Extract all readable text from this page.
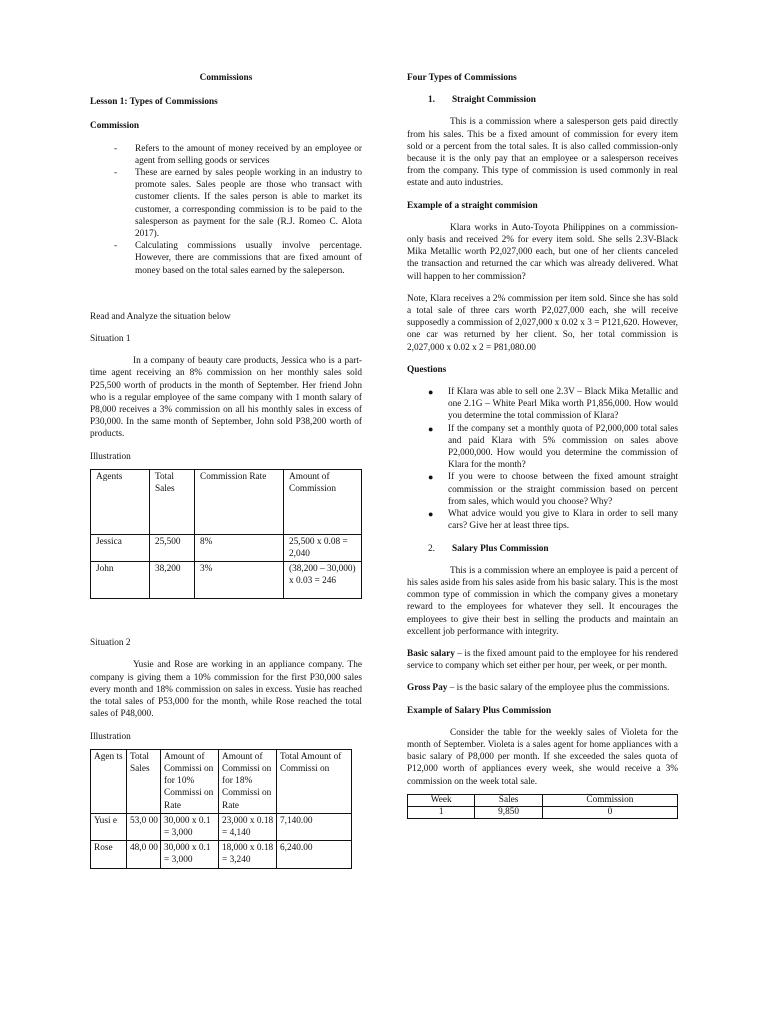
Commissions

Lesson 1: Types of Commissions

Commission

- Refers to the amount of money received by an employee or agent from selling goods or services
- These are earned by sales people working in an industry to promote sales. Sales people are those who transact with customer clients. If the sales person is able to market its customer, a corresponding commission is to be paid to the salesperson as payment for the sale (R.J. Romeo C. Alota 2017).
- Calculating commissions usually involve percentage. However, there are commissions that are fixed amount of money based on the total sales earned by the saleperson.

Read and Analyze the situation below

Situation 1

In a company of beauty care products, Jessica who is a part-time agent receiving an 8% commission on her monthly sales sold P25,500 worth of products in the month of September. Her friend John who is a regular employee of the same company with 1 month salary of P8,000 receives a 3% commission on all his monthly sales in excess of P30,000. In the same month of September, John sold P38,200 worth of products.

Illustration

Agents	Total Sales	Commission Rate	Amount of Commission
Jessica	25,500	8%	25,500 x 0.08 = 2,040
John	38,200	3%	(38,200 – 30,000) x 0.03 = 246

Situation 2

Yusie and Rose are working in an appliance company. The company is giving them a 10% commission for the first P30,000 sales every month and 18% commission on sales in excess. Yusie has reached the total sales of P53,000 for the month, while Rose reached the total sales of P48,000.

Illustration

Agen ts	Total Sales	Amount of Commissi on for 10% Commissi on Rate	Amount of Commissi on for 18% Commissi on Rate	Total Amount of Commissi on
Yusi e	53,0 00	30,000 x 0.1 = 3,000	23,000 x 0.18 = 4,140	7,140.00
Rose	48,0 00	30,000 x 0.1 = 3,000	18,000 x 0.18 = 3,240	6,240.00

Four Types of Commissions

1.	Straight Commission

This is a commission where a salesperson gets paid directly from his sales. This be a fixed amount of commission for every item sold or a percent from the total sales. It is also called commission-only because it is the only pay that an employee or a salesperson receives from the company. This type of commission is used commonly in real estate and auto industries.

Example of a straight commision

Klara works in Auto-Toyota Philippines on a commission-only basis and received 2% for every item sold. She sells 2.3V-Black Mika Metallic worth P2,027,000 each, but one of her clients canceled the transaction and returned the car which was already delivered. What will happen to her commission?

Note, Klara receives a 2% commission per item sold. Since she has sold a total sale of three cars worth P2,027,000 each, she will receive supposedly a commission of 2,027,000 x 0.02 x 3 = P121,620. However, one car was returned by her client. So, her total commission is 2,027,000 x 0.02 x 2 = P81,080.00

Questions

● If Klara was able to sell one 2.3V – Black Mika Metallic and one 2.1G – White Pearl Mika worth P1,856,000. How would you determine the total commission of Klara?
● If the company set a monthly quota of P2,000,000 total sales and paid Klara with 5% commission on sales above P2,000,000. How would you determine the commission of Klara for the month?
● If you were to choose between the fixed amount straight commission or the straight commission based on percent from sales, which would you choose? Why?
● What advice would you give to Klara in order to sell many cars? Give her at least three tips.
2.	Salary Plus Commission

This is a commission where an employee is paid a percent of his sales aside from his sales aside from his basic salary. This is the most common type of commission in which the company gives a monetary reward to the employees for whatever they sell. It encourages the employees to give their best in selling the products and maintain an excellent job performance with integrity.

Basic salary – is the fixed amount paid to the employee for his rendered service to company which set either per hour, per week, or per month.

Gross Pay – is the basic salary of the employee plus the commissions.

Example of Salary Plus Commission

Consider the table for the weekly sales of Violeta for the month of September. Violeta is a sales agent for home appliances with a basic salary of P8,000 per month. If she exceeded the sales quota of P12,000 worth of appliances every week, she would receive a 3% commission on the week total sale.

Week	Sales	Commission
1	9,850	0
